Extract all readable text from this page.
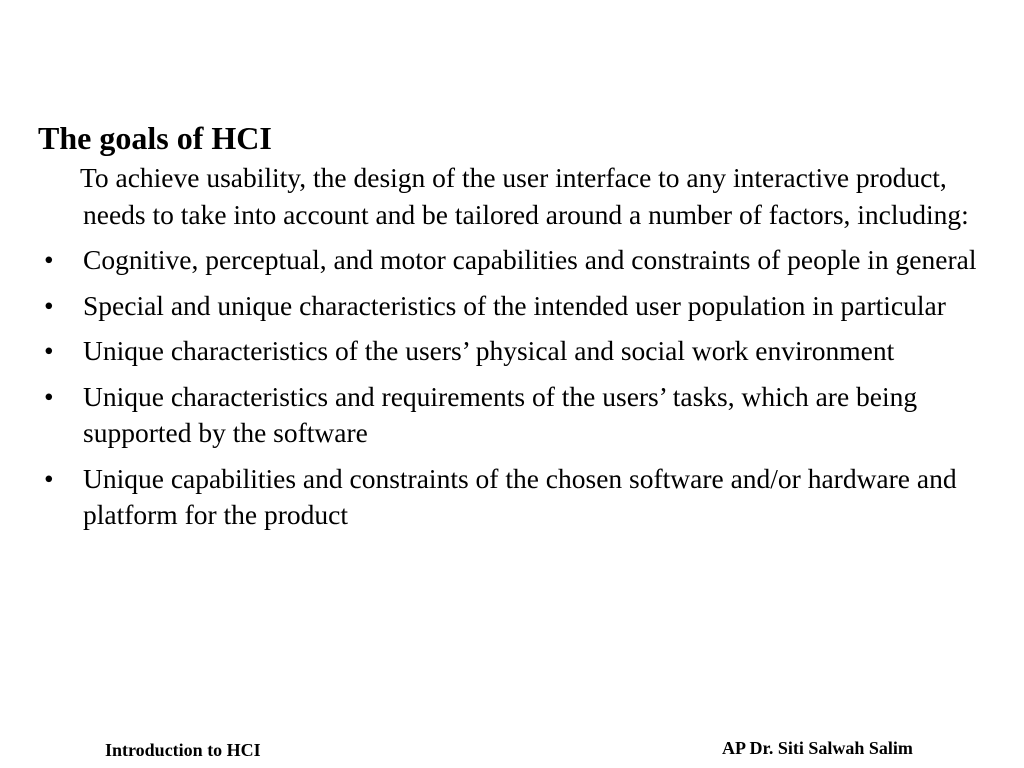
The goals of HCI

To achieve usability, the design of the user interface to any interactive product, needs to take into account and be tailored around a number of factors, including:

• Cognitive, perceptual, and motor capabilities and constraints of people in general
• Special and unique characteristics of the intended user population in particular
• Unique characteristics of the users’ physical and social work environment
• Unique characteristics and requirements of the users’ tasks, which are being supported by the software
• Unique capabilities and constraints of the chosen software and/or hardware and platform for the product
Introduction to HCI	AP Dr. Siti Salwah Salim
